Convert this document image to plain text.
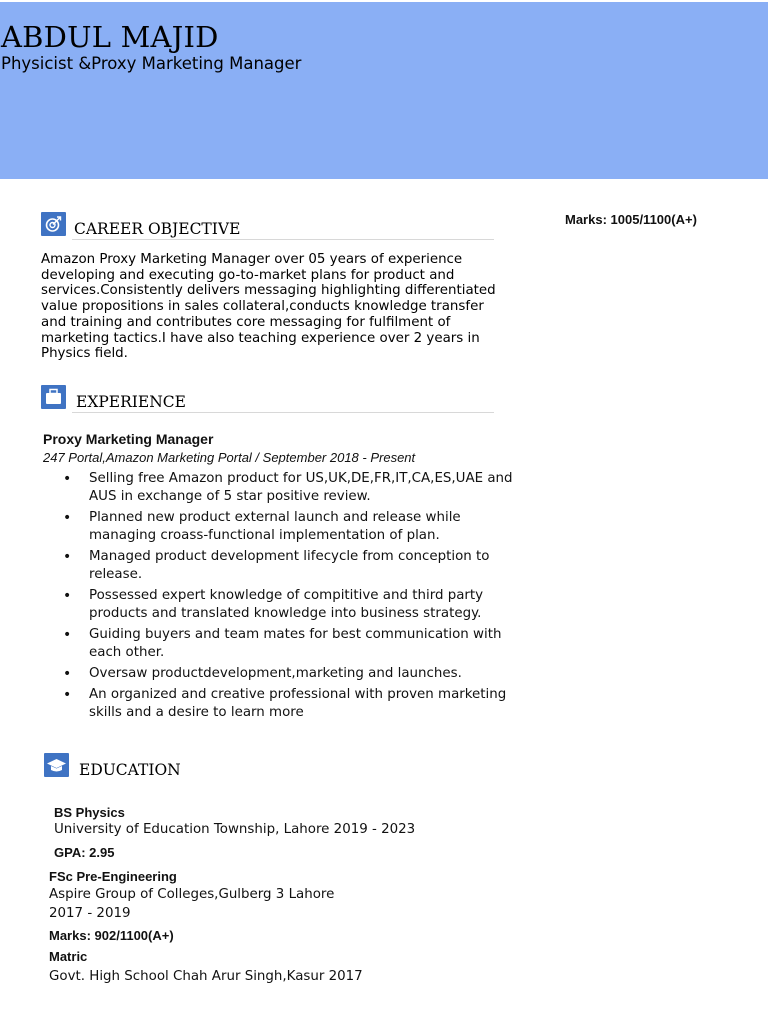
ABDUL MAJID
Physicist &Proxy Marketing Manager
Marks: 1005/1100(A+)
CAREER OBJECTIVE
Amazon Proxy Marketing Manager over 05 years of experience developing and executing go-to-market plans for product and services.Consistently delivers messaging highlighting differentiated value propositions in sales collateral,conducts knowledge transfer and training and contributes core messaging for fulfilment of marketing tactics.I have also teaching experience over 2 years in Physics field.
EXPERIENCE
Proxy Marketing Manager
247 Portal,Amazon Marketing Portal / September 2018 - Present
• Selling free Amazon product for US,UK,DE,FR,IT,CA,ES,UAE and AUS in exchange of 5 star positive review.
• Planned new product external launch and release while managing croass-functional implementation of plan.
• Managed product development lifecycle from conception to release.
• Possessed expert knowledge of compititive and third party products and translated knowledge into business strategy.
• Guiding buyers and team mates for best communication with each other.
• Oversaw productdevelopment,marketing and launches.
• An organized and creative professional with proven marketing skills and a desire to learn more
EDUCATION
BS Physics
University of Education Township, Lahore 2019 - 2023
GPA: 2.95
FSc Pre-Engineering
Aspire Group of Colleges,Gulberg 3 Lahore
2017 - 2019
Marks: 902/1100(A+)
Matric
Govt. High School Chah Arur Singh,Kasur 2017
